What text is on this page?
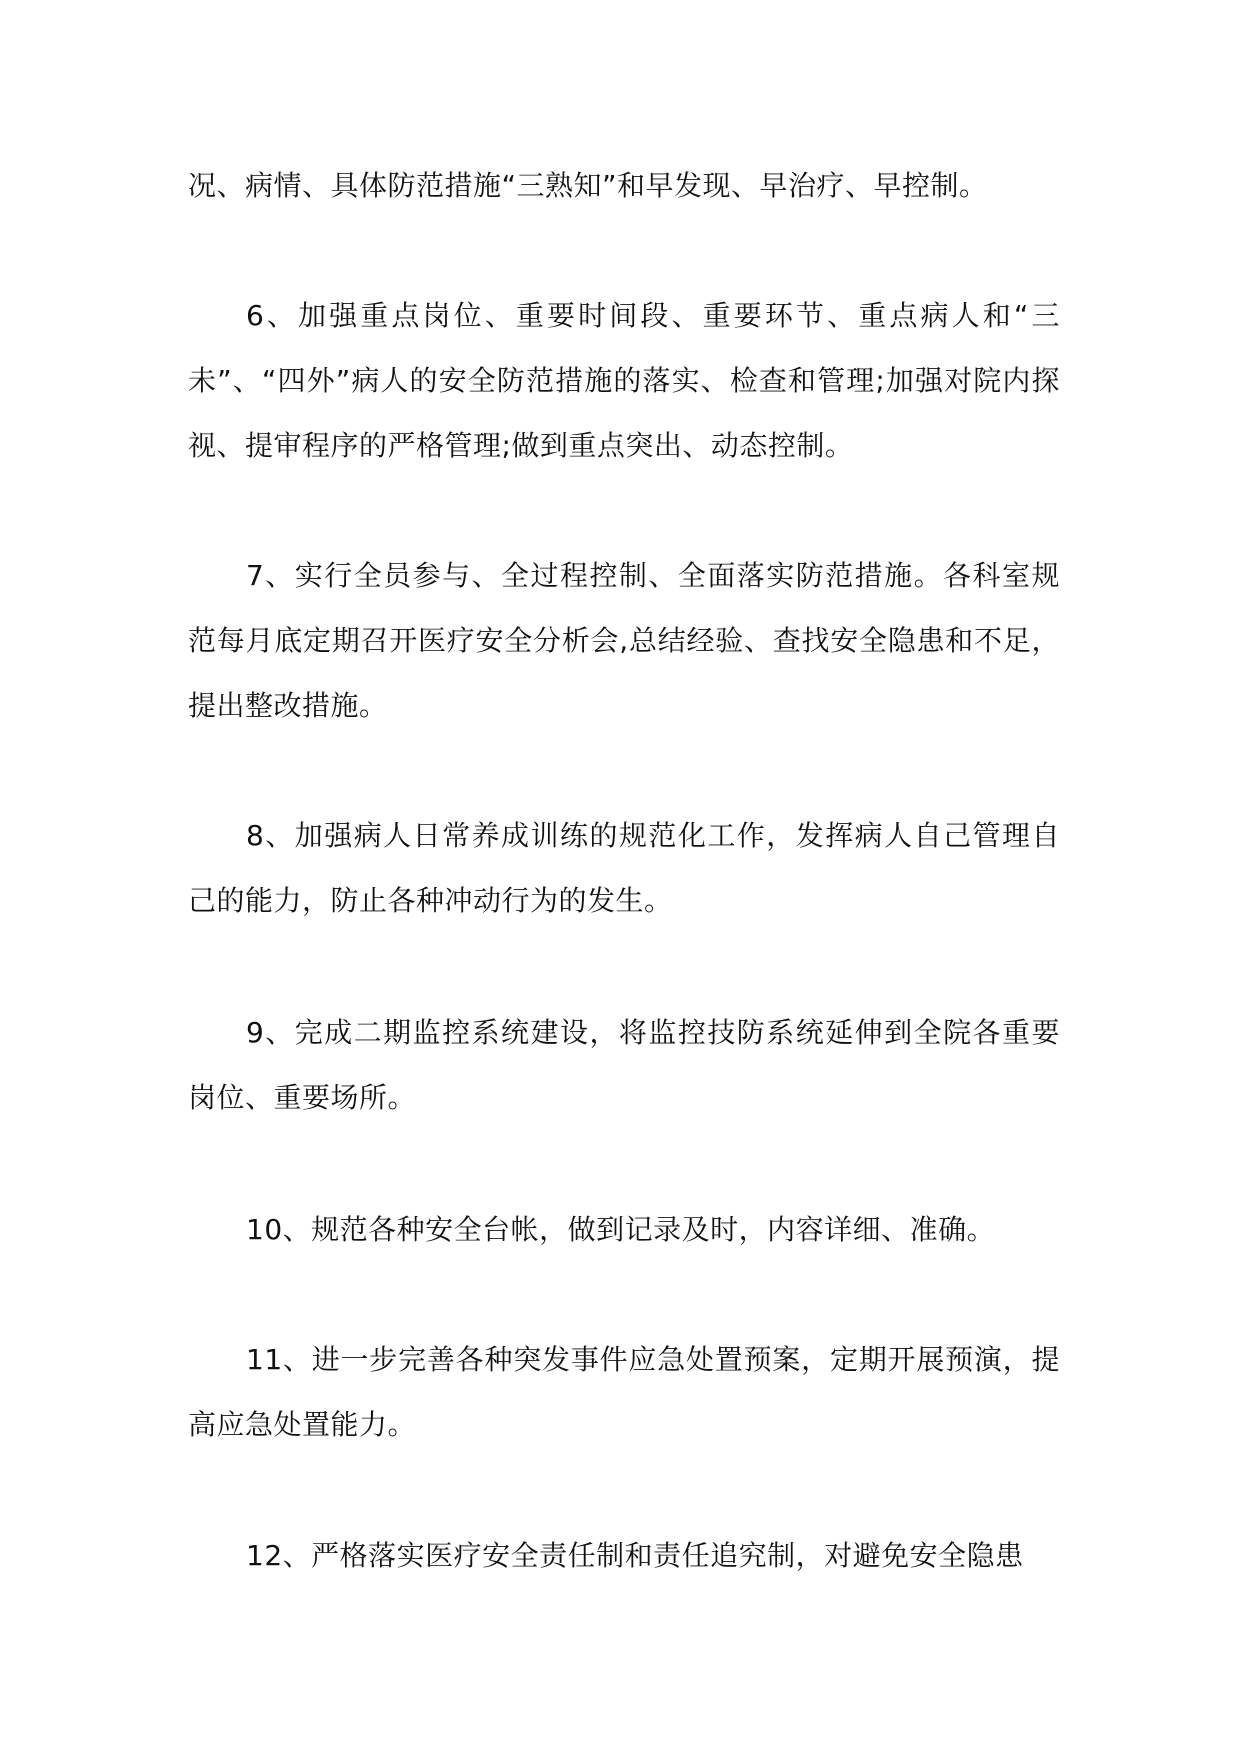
况、病情、具体防范措施“三熟知”和早发现、早治疗、早控制。

6、加强重点岗位、重要时间段、重要环节、重点病人和“三未”、“四外”病人的安全防范措施的落实、检查和管理;加强对院内探视、提审程序的严格管理;做到重点突出、动态控制。

7、实行全员参与、全过程控制、全面落实防范措施。各科室规范每月底定期召开医疗安全分析会,总结经验、查找安全隐患和不足，提出整改措施。

8、加强病人日常养成训练的规范化工作，发挥病人自己管理自己的能力，防止各种冲动行为的发生。

9、完成二期监控系统建设，将监控技防系统延伸到全院各重要岗位、重要场所。

10、规范各种安全台帐，做到记录及时，内容详细、准确。

11、进一步完善各种突发事件应急处置预案，定期开展预演，提高应急处置能力。

12、严格落实医疗安全责任制和责任追究制，对避免安全隐患
